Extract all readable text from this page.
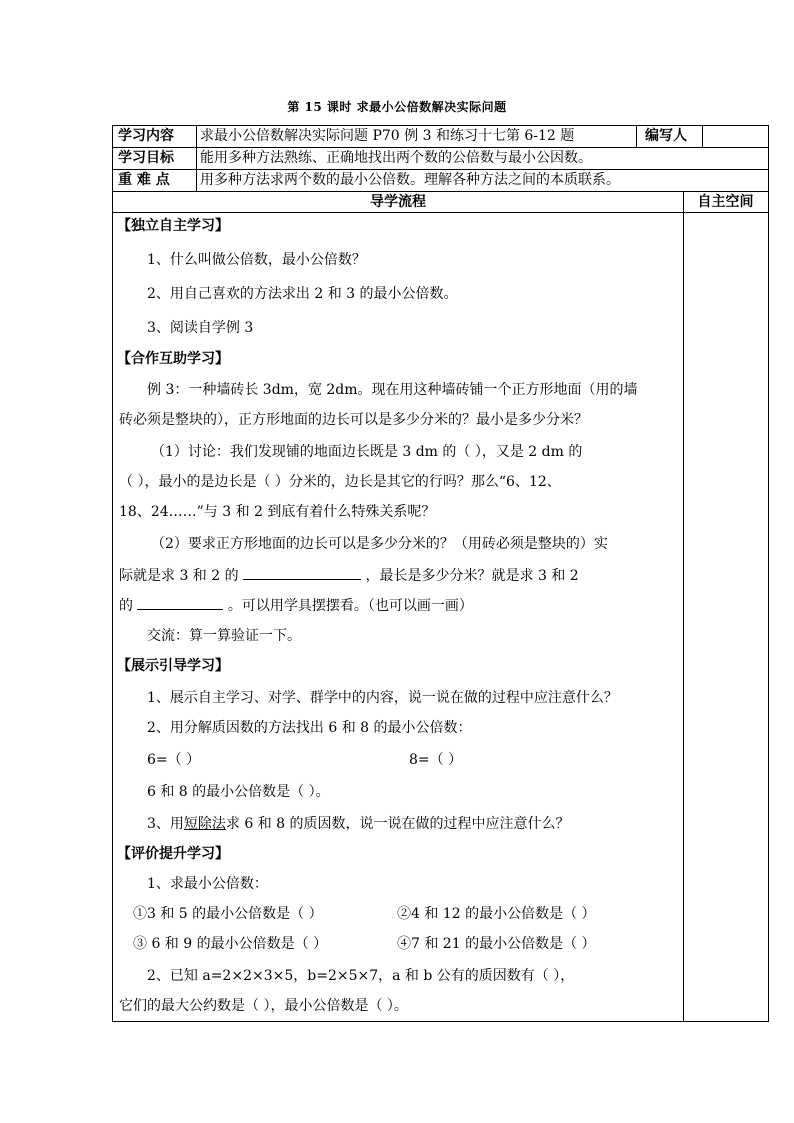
第 15 课时 求最小公倍数解决实际问题
学习内容	求最小公倍数解决实际问题 P70 例 3 和练习十七第 6-12 题	编写人
学习目标	能用多种方法熟练、正确地找出两个数的公倍数与最小公因数。
重 难 点	用多种方法求两个数的最小公倍数。理解各种方法之间的本质联系。
导学流程	自主空间
【独立自主学习】
1、什么叫做公倍数，最小公倍数？
2、用自己喜欢的方法求出 2 和 3 的最小公倍数。
3、阅读自学例 3
【合作互助学习】
例 3：一种墙砖长 3dm，宽 2dm。现在用这种墙砖铺一个正方形地面（用的墙
砖必须是整块的），正方形地面的边长可以是多少分米的？最小是多少分米？
（1）讨论：我们发现铺的地面边长既是 3 dm 的（ ），又是 2 dm 的
（ ），最小的是边长是（ ）分米的，边长是其它的行吗？那么“6、12、
18、24……”与 3 和 2 到底有着什么特殊关系呢？
（2）要求正方形地面的边长可以是多少分米的？（用砖必须是整块的）实
际就是求 3 和 2 的	，最长是多少分米？就是求 3 和 2
的	。可以用学具摆摆看。（也可以画一画）
交流：算一算验证一下。
【展示引导学习】
1、展示自主学习、对学、群学中的内容，说一说在做的过程中应注意什么？
2、用分解质因数的方法找出 6 和 8 的最小公倍数：
6=（ ）	8=（ ）
6 和 8 的最小公倍数是（ ）。
3、用短除法求 6 和 8 的质因数，说一说在做的过程中应注意什么？
【评价提升学习】
1、求最小公倍数：
①3 和 5 的最小公倍数是（ ）	②4 和 12 的最小公倍数是（ ）
③ 6 和 9 的最小公倍数是（ ）	④7 和 21 的最小公倍数是（ ）
2、已知 a=2×2×3×5，b=2×5×7，a 和 b 公有的质因数有（ ），
它们的最大公约数是（ ），最小公倍数是（ ）。
